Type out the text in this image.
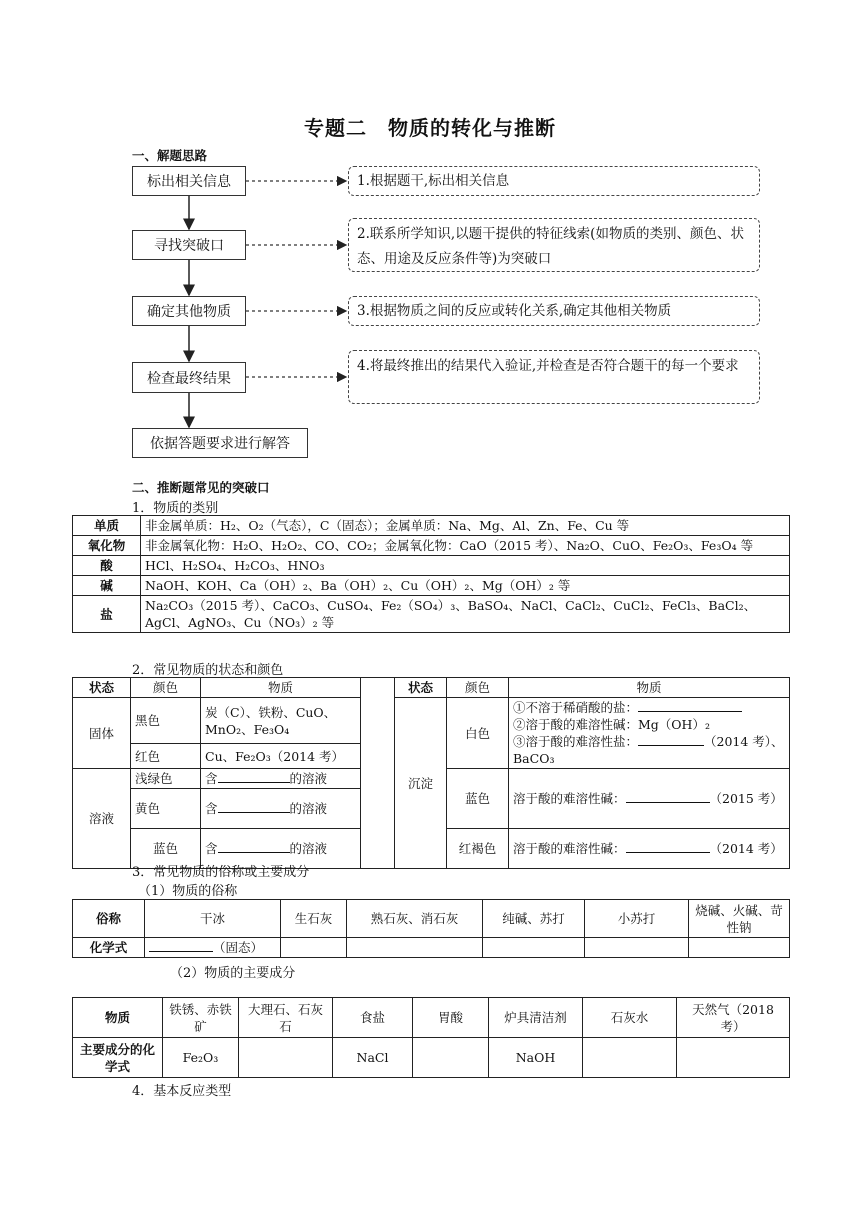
专题二　物质的转化与推断
一、解题思路
标出相关信息
寻找突破口
确定其他物质
检查最终结果
依据答题要求进行解答
1.根据题干,标出相关信息
2.联系所学知识,以题干提供的特征线索(如物质的类别、颜色、状态、用途及反应条件等)为突破口
3.根据物质之间的反应或转化关系,确定其他相关物质
4.将最终推出的结果代入验证,并检查是否符合题干的每一个要求
二、推断题常见的突破口
1．物质的类别
单质	非金属单质：H₂、O₂（气态），C（固态）；金属单质：Na、Mg、Al、Zn、Fe、Cu 等
氧化物	非金属氧化物：H₂O、H₂O₂、CO、CO₂；金属氧化物：CaO（2015 考）、Na₂O、CuO、Fe₂O₃、Fe₃O₄ 等
酸	HCl、H₂SO₄、H₂CO₃、HNO₃
碱	NaOH、KOH、Ca（OH）₂、Ba（OH）₂、Cu（OH）₂、Mg（OH）₂ 等
盐	Na₂CO₃（2015 考）、CaCO₃、CuSO₄、Fe₂（SO₄）₃、BaSO₄、NaCl、CaCl₂、CuCl₂、FeCl₃、BaCl₂、AgCl、AgNO₃、Cu（NO₃）₂ 等
2．常见物质的状态和颜色
状态	颜色	物质		状态	颜色	物质
固体	黑色	炭（C）、铁粉、CuO、MnO₂、Fe₃O₄		沉淀	白色	①不溶于稀硝酸的盐：
②溶于酸的难溶性碱：Mg（OH）₂
③溶于酸的难溶性盐： （2014 考）、BaCO₃

	红色	Cu、Fe₂O₃（2014 考）				
溶液	浅绿色	含 的溶液			蓝色	溶于酸的难溶性碱： （2015 考）
	黄色	含 的溶液				
	蓝色	含 的溶液			红褐色	溶于酸的难溶性碱： （2014 考）
3．常见物质的俗称或主要成分
（1）物质的俗称
俗称	干冰	生石灰	熟石灰、消石灰	纯碱、苏打	小苏打	烧碱、火碱、苛性钠
化学式	（固态）					
（2）物质的主要成分
物质	铁锈、赤铁矿	大理石、石灰石	食盐	胃酸	炉具清洁剂	石灰水	天然气（2018 考）
主要成分的化学式	Fe₂O₃		NaCl		NaOH		
4．基本反应类型
